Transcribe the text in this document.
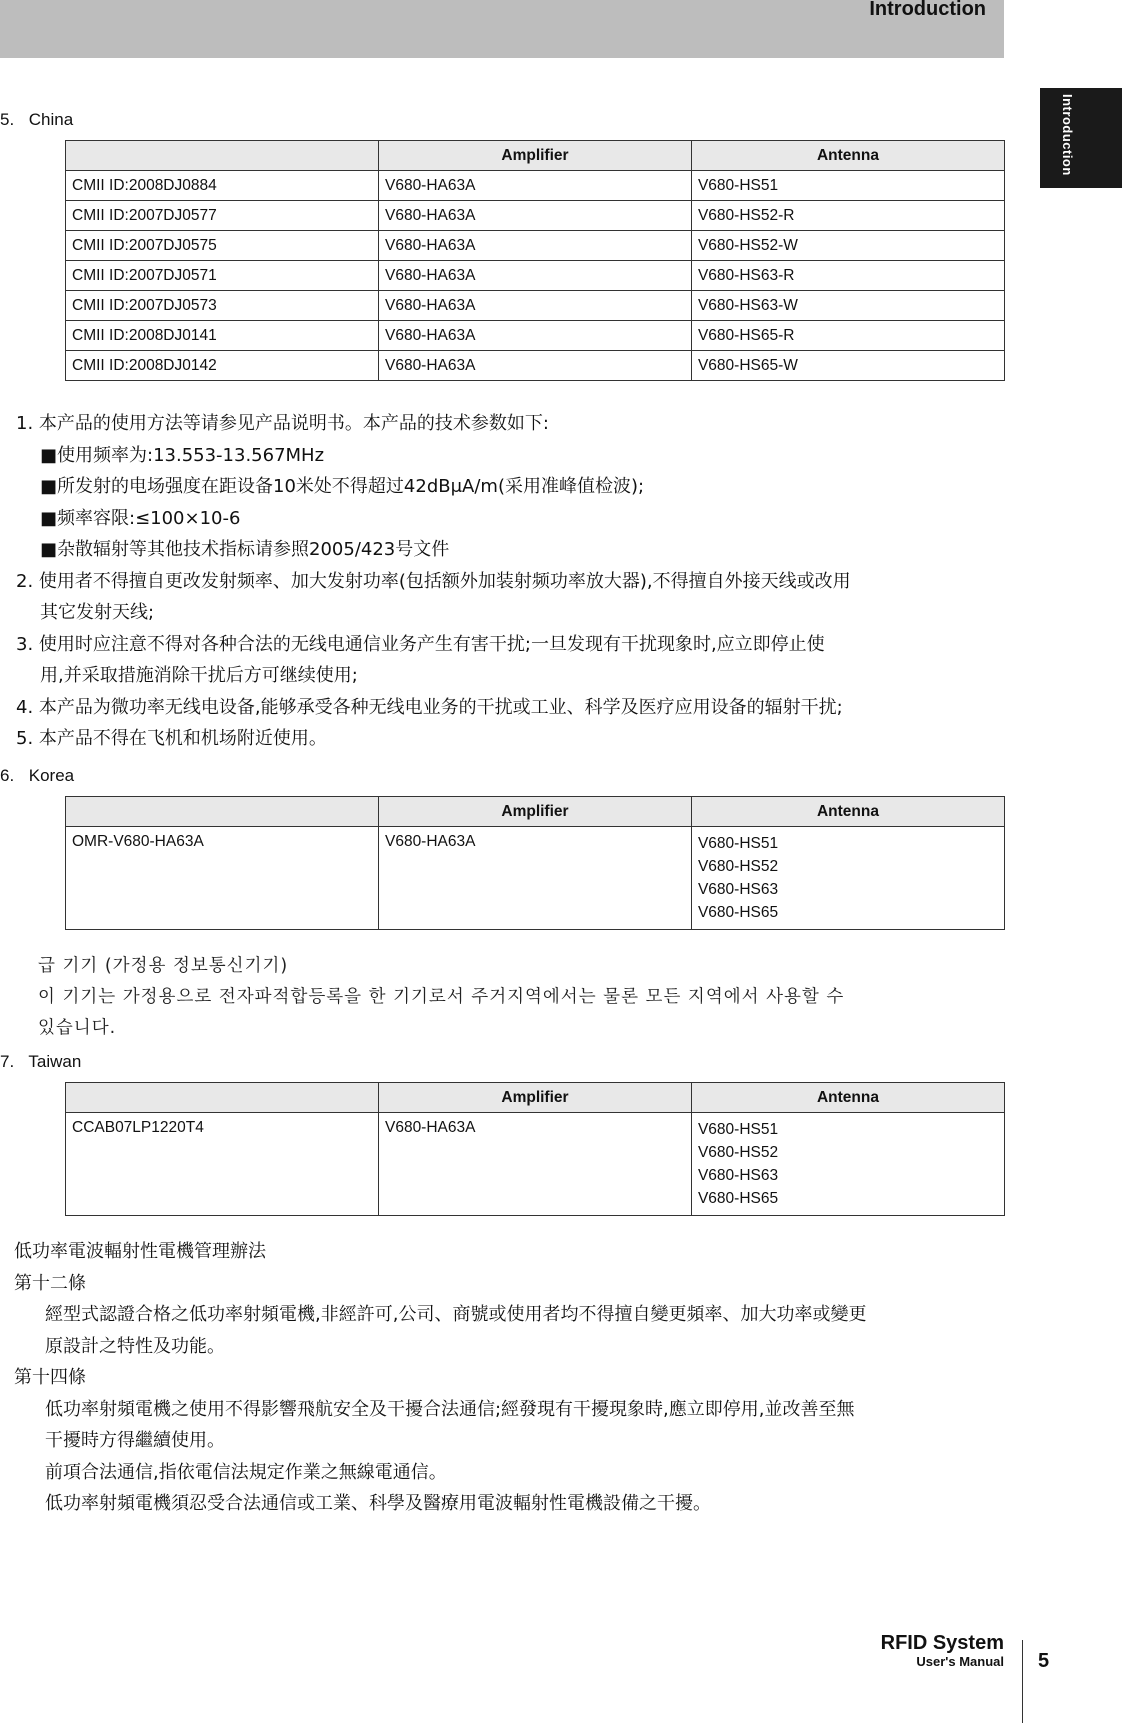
Introduction
Introduction
5. China
	Amplifier	Antenna
CMII ID:2008DJ0884	V680-HA63A	V680-HS51
CMII ID:2007DJ0577	V680-HA63A	V680-HS52-R
CMII ID:2007DJ0575	V680-HA63A	V680-HS52-W
CMII ID:2007DJ0571	V680-HA63A	V680-HS63-R
CMII ID:2007DJ0573	V680-HA63A	V680-HS63-W
CMII ID:2008DJ0141	V680-HA63A	V680-HS65-R
CMII ID:2008DJ0142	V680-HA63A	V680-HS65-W
1. 本产品的使用方法等请参见产品说明书。本产品的技术参数如下:
■使用频率为:13.553-13.567MHz
■所发射的电场强度在距设备10米处不得超过42dBμA/m(采用准峰值检波);
■频率容限:≤100×10-6
■杂散辐射等其他技术指标请参照2005/423号文件
2. 使用者不得擅自更改发射频率、加大发射功率(包括额外加装射频功率放大器),不得擅自外接天线或改用
其它发射天线;
3. 使用时应注意不得对各种合法的无线电通信业务产生有害干扰;一旦发现有干扰现象时,应立即停止使
用,并采取措施消除干扰后方可继续使用;
4. 本产品为微功率无线电设备,能够承受各种无线电业务的干扰或工业、科学及医疗应用设备的辐射干扰;
5. 本产品不得在飞机和机场附近使用。
6. Korea
	Amplifier	Antenna
OMR-V680-HA63A	V680-HA63A	V680-HS51
V680-HS52
V680-HS63
V680-HS65
급 기기 (가정용 정보통신기기)
이 기기는 가정용으로 전자파적합등록을 한 기기로서 주거지역에서는 물론 모든 지역에서 사용할 수
있습니다.
7. Taiwan
	Amplifier	Antenna
CCAB07LP1220T4	V680-HA63A	V680-HS51
V680-HS52
V680-HS63
V680-HS65
低功率電波輻射性電機管理辦法
第十二條
經型式認證合格之低功率射頻電機,非經許可,公司、商號或使用者均不得擅自變更頻率、加大功率或變更
原設計之特性及功能。
第十四條
低功率射頻電機之使用不得影響飛航安全及干擾合法通信;經發現有干擾現象時,應立即停用,並改善至無
干擾時方得繼續使用。
前項合法通信,指依電信法規定作業之無線電通信。
低功率射頻電機須忍受合法通信或工業、科學及醫療用電波輻射性電機設備之干擾。
RFID System
User's Manual 5
